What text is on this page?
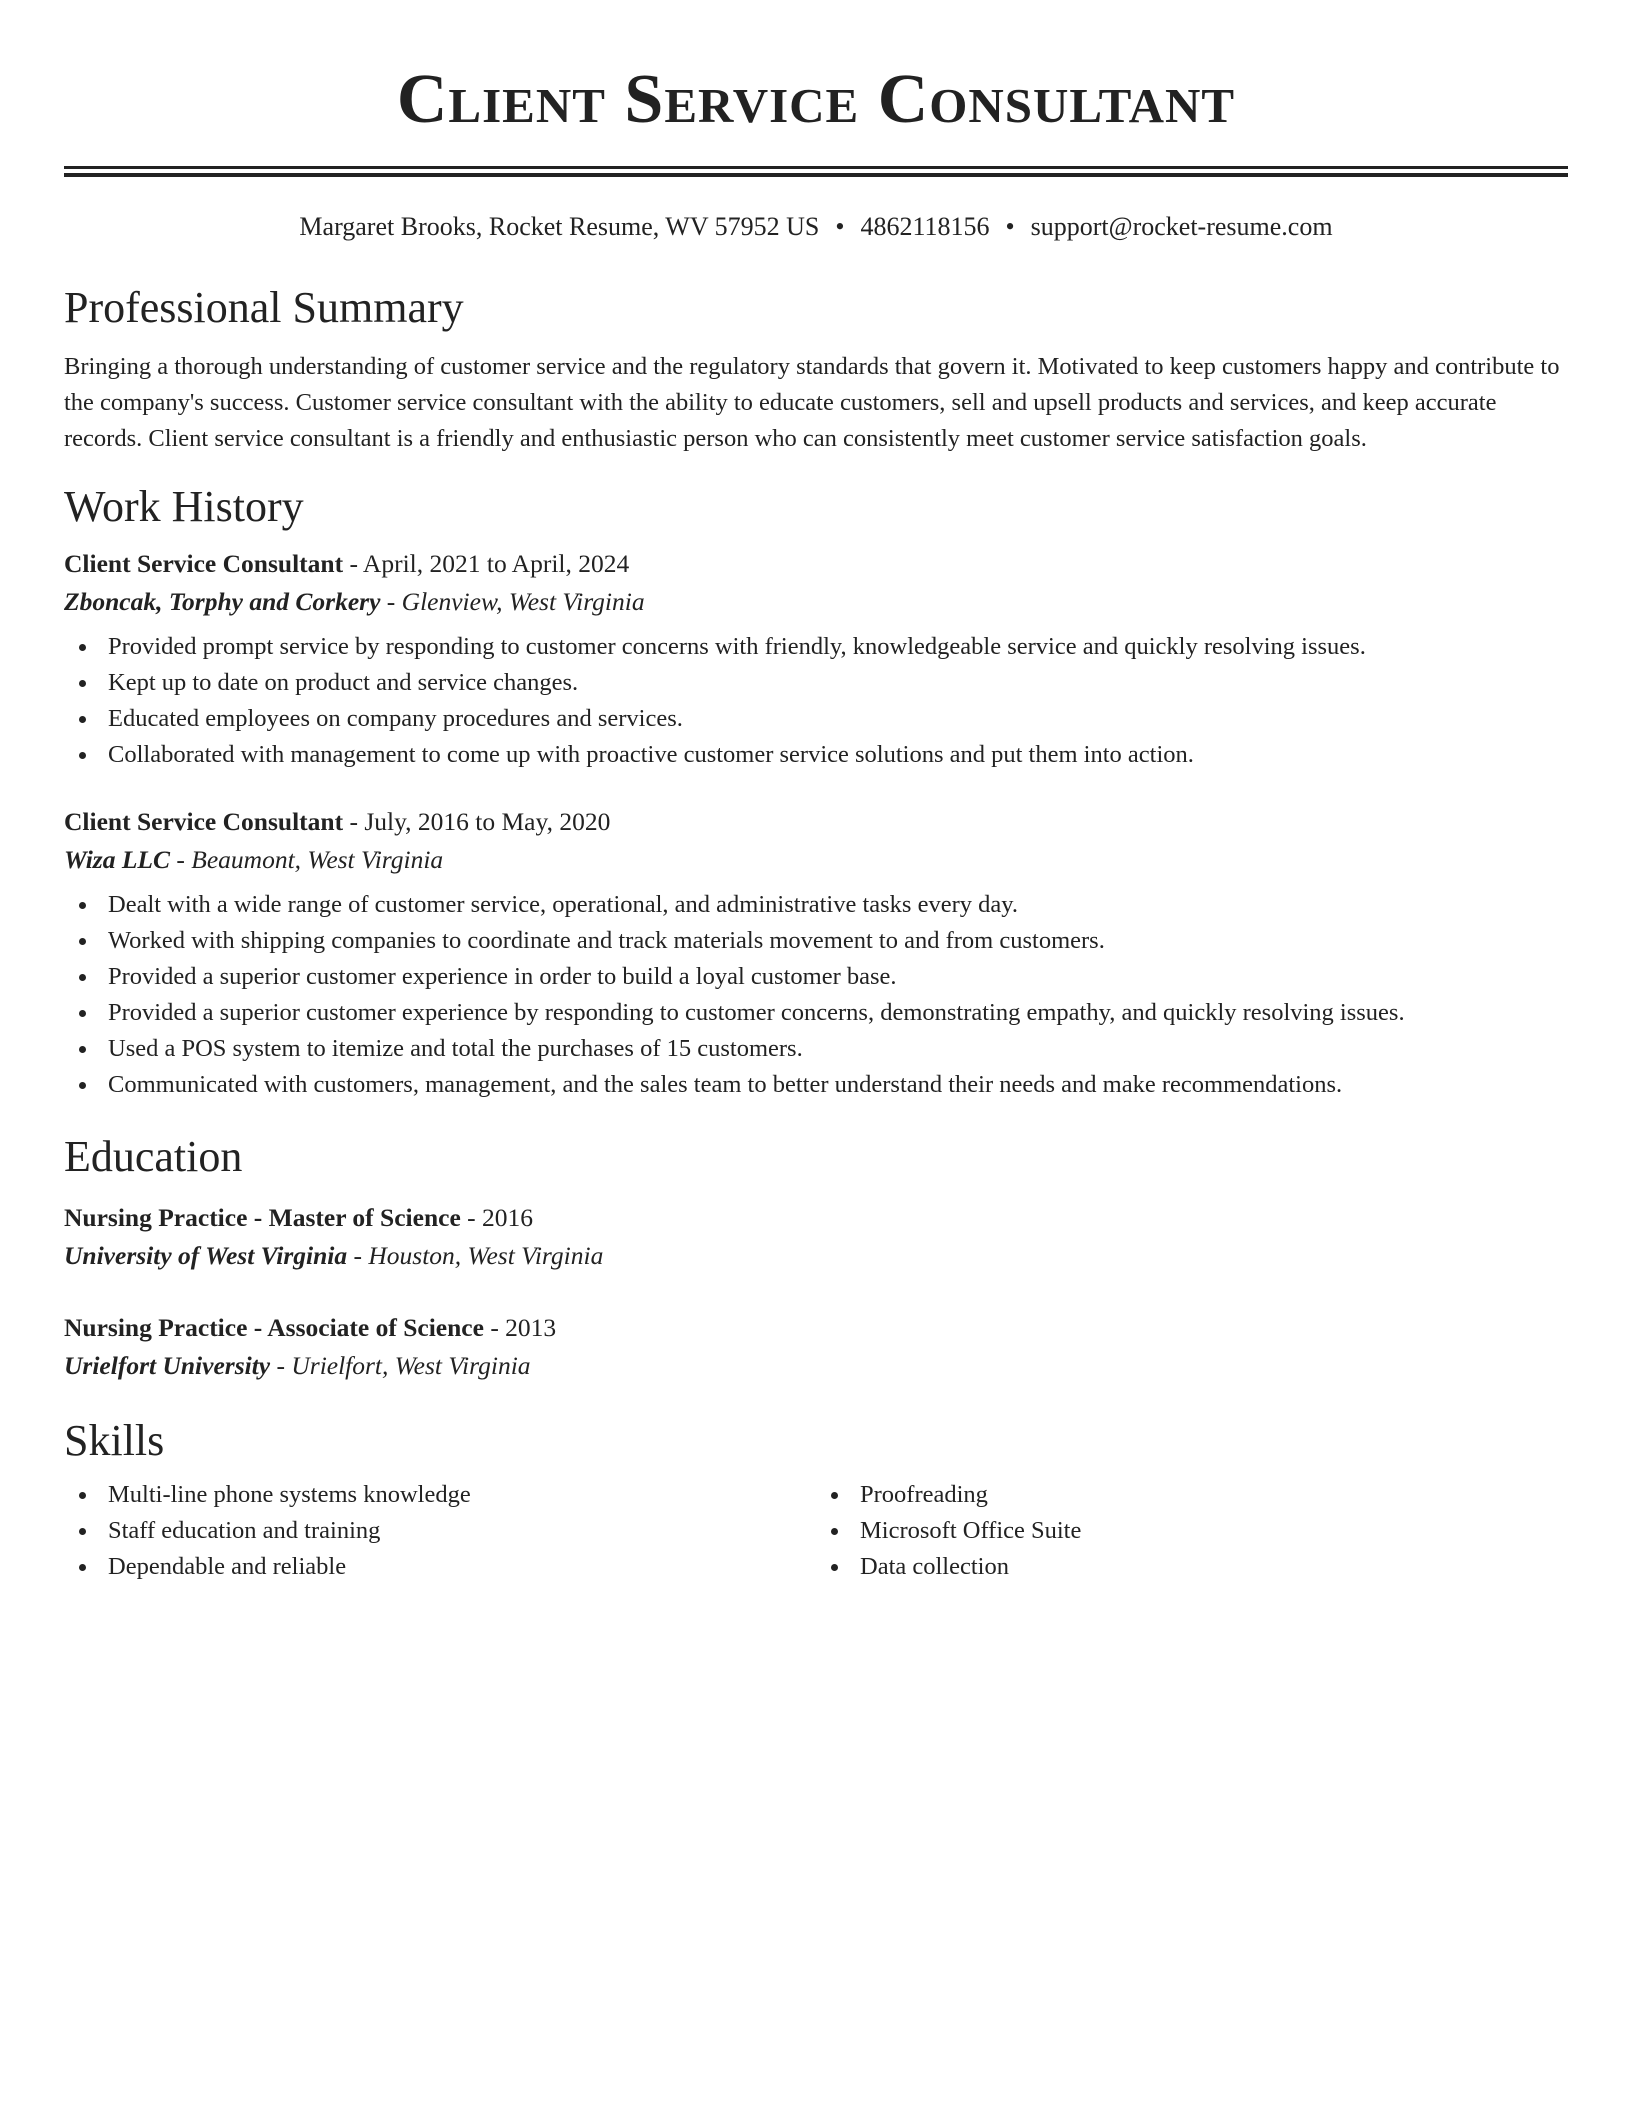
Client Service Consultant
Margaret Brooks, Rocket Resume, WV 57952 US • 4862118156 • support@rocket-resume.com
Professional Summary

Bringing a thorough understanding of customer service and the regulatory standards that govern it. Motivated to keep customers happy and contribute to the company's success. Customer service consultant with the ability to educate customers, sell and upsell products and services, and keep accurate records. Client service consultant is a friendly and enthusiastic person who can consistently meet customer service satisfaction goals.

Work History
Client Service Consultant - April, 2021 to April, 2024
Zboncak, Torphy and Corkery - Glenview, West Virginia
Provided prompt service by responding to customer concerns with friendly, knowledgeable service and quickly resolving issues.
Kept up to date on product and service changes.
Educated employees on company procedures and services.
Collaborated with management to come up with proactive customer service solutions and put them into action.
Client Service Consultant - July, 2016 to May, 2020
Wiza LLC - Beaumont, West Virginia
Dealt with a wide range of customer service, operational, and administrative tasks every day.
Worked with shipping companies to coordinate and track materials movement to and from customers.
Provided a superior customer experience in order to build a loyal customer base.
Provided a superior customer experience by responding to customer concerns, demonstrating empathy, and quickly resolving issues.
Used a POS system to itemize and total the purchases of 15 customers.
Communicated with customers, management, and the sales team to better understand their needs and make recommendations.
Education
Nursing Practice - Master of Science - 2016
University of West Virginia - Houston, West Virginia
Nursing Practice - Associate of Science - 2013
Urielfort University - Urielfort, West Virginia
Skills
Multi-line phone systems knowledge
Staff education and training
Dependable and reliable
Proofreading
Microsoft Office Suite
Data collection
